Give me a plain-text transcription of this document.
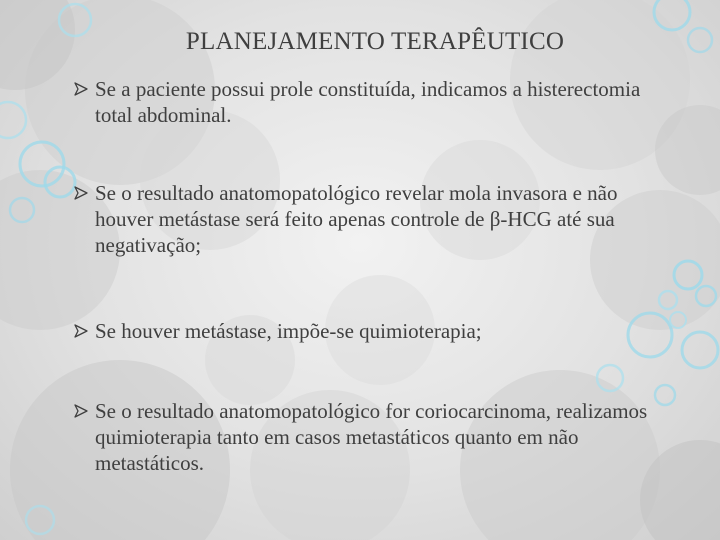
PLANEJAMENTO TERAPÊUTICO
Se a paciente possui prole constituída, indicamos a histerectomia total abdominal.
Se o resultado anatomopatológico revelar mola invasora e não houver metástase será feito apenas controle de β-HCG até sua negativação;
Se houver metástase, impõe-se quimioterapia;
Se o resultado anatomopatológico for coriocarcinoma, realizamos quimioterapia tanto em casos metastáticos quanto em não metastáticos.
